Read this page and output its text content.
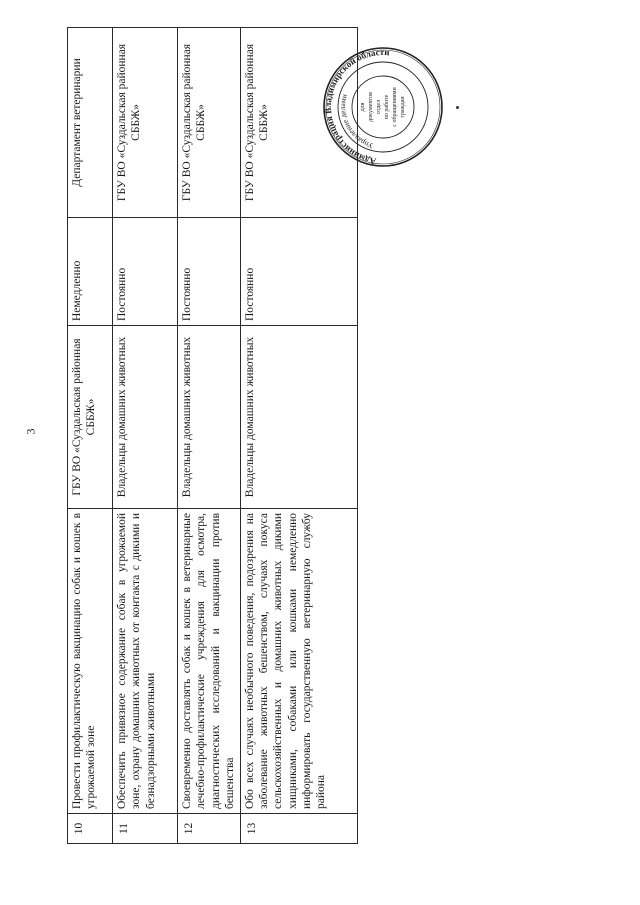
3
10	Провести профилактическую вакцинацию собак и кошек в угрожаемой зоне	ГБУ ВО «Суздальская районная СББЖ»	Немедленно	Департамент ветеринарии
11	Обеспечить привязное содержание собак в угрожаемой зоне, охрану домашних животных от контакта с дикими и безнадзорными животными	Владельцы домашних животных	Постоянно	ГБУ ВО «Суздальская районная СББЖ»
12	Своевременно доставлять собак и кошек в ветеринарные лечебно-профилактические учреждения для осмотра, диагностических исследований и вакцинации против бешенства	Владельцы домашних животных	Постоянно	ГБУ ВО «Суздальская районная СББЖ»
13	Обо всех случаях необычного поведения, подозрения на заболевание животных бешенством, случаях покуса сельскохозяйственных и домашних животных дикими хищниками, собаками или кошками немедленно информировать государственную ветеринарную службу района	Владельцы домашних животных	Постоянно	ГБУ ВО «Суздальская районная СББЖ»
Администрация Владимирской области
Управление делами
для документов отдел по работе с обращениями граждан
